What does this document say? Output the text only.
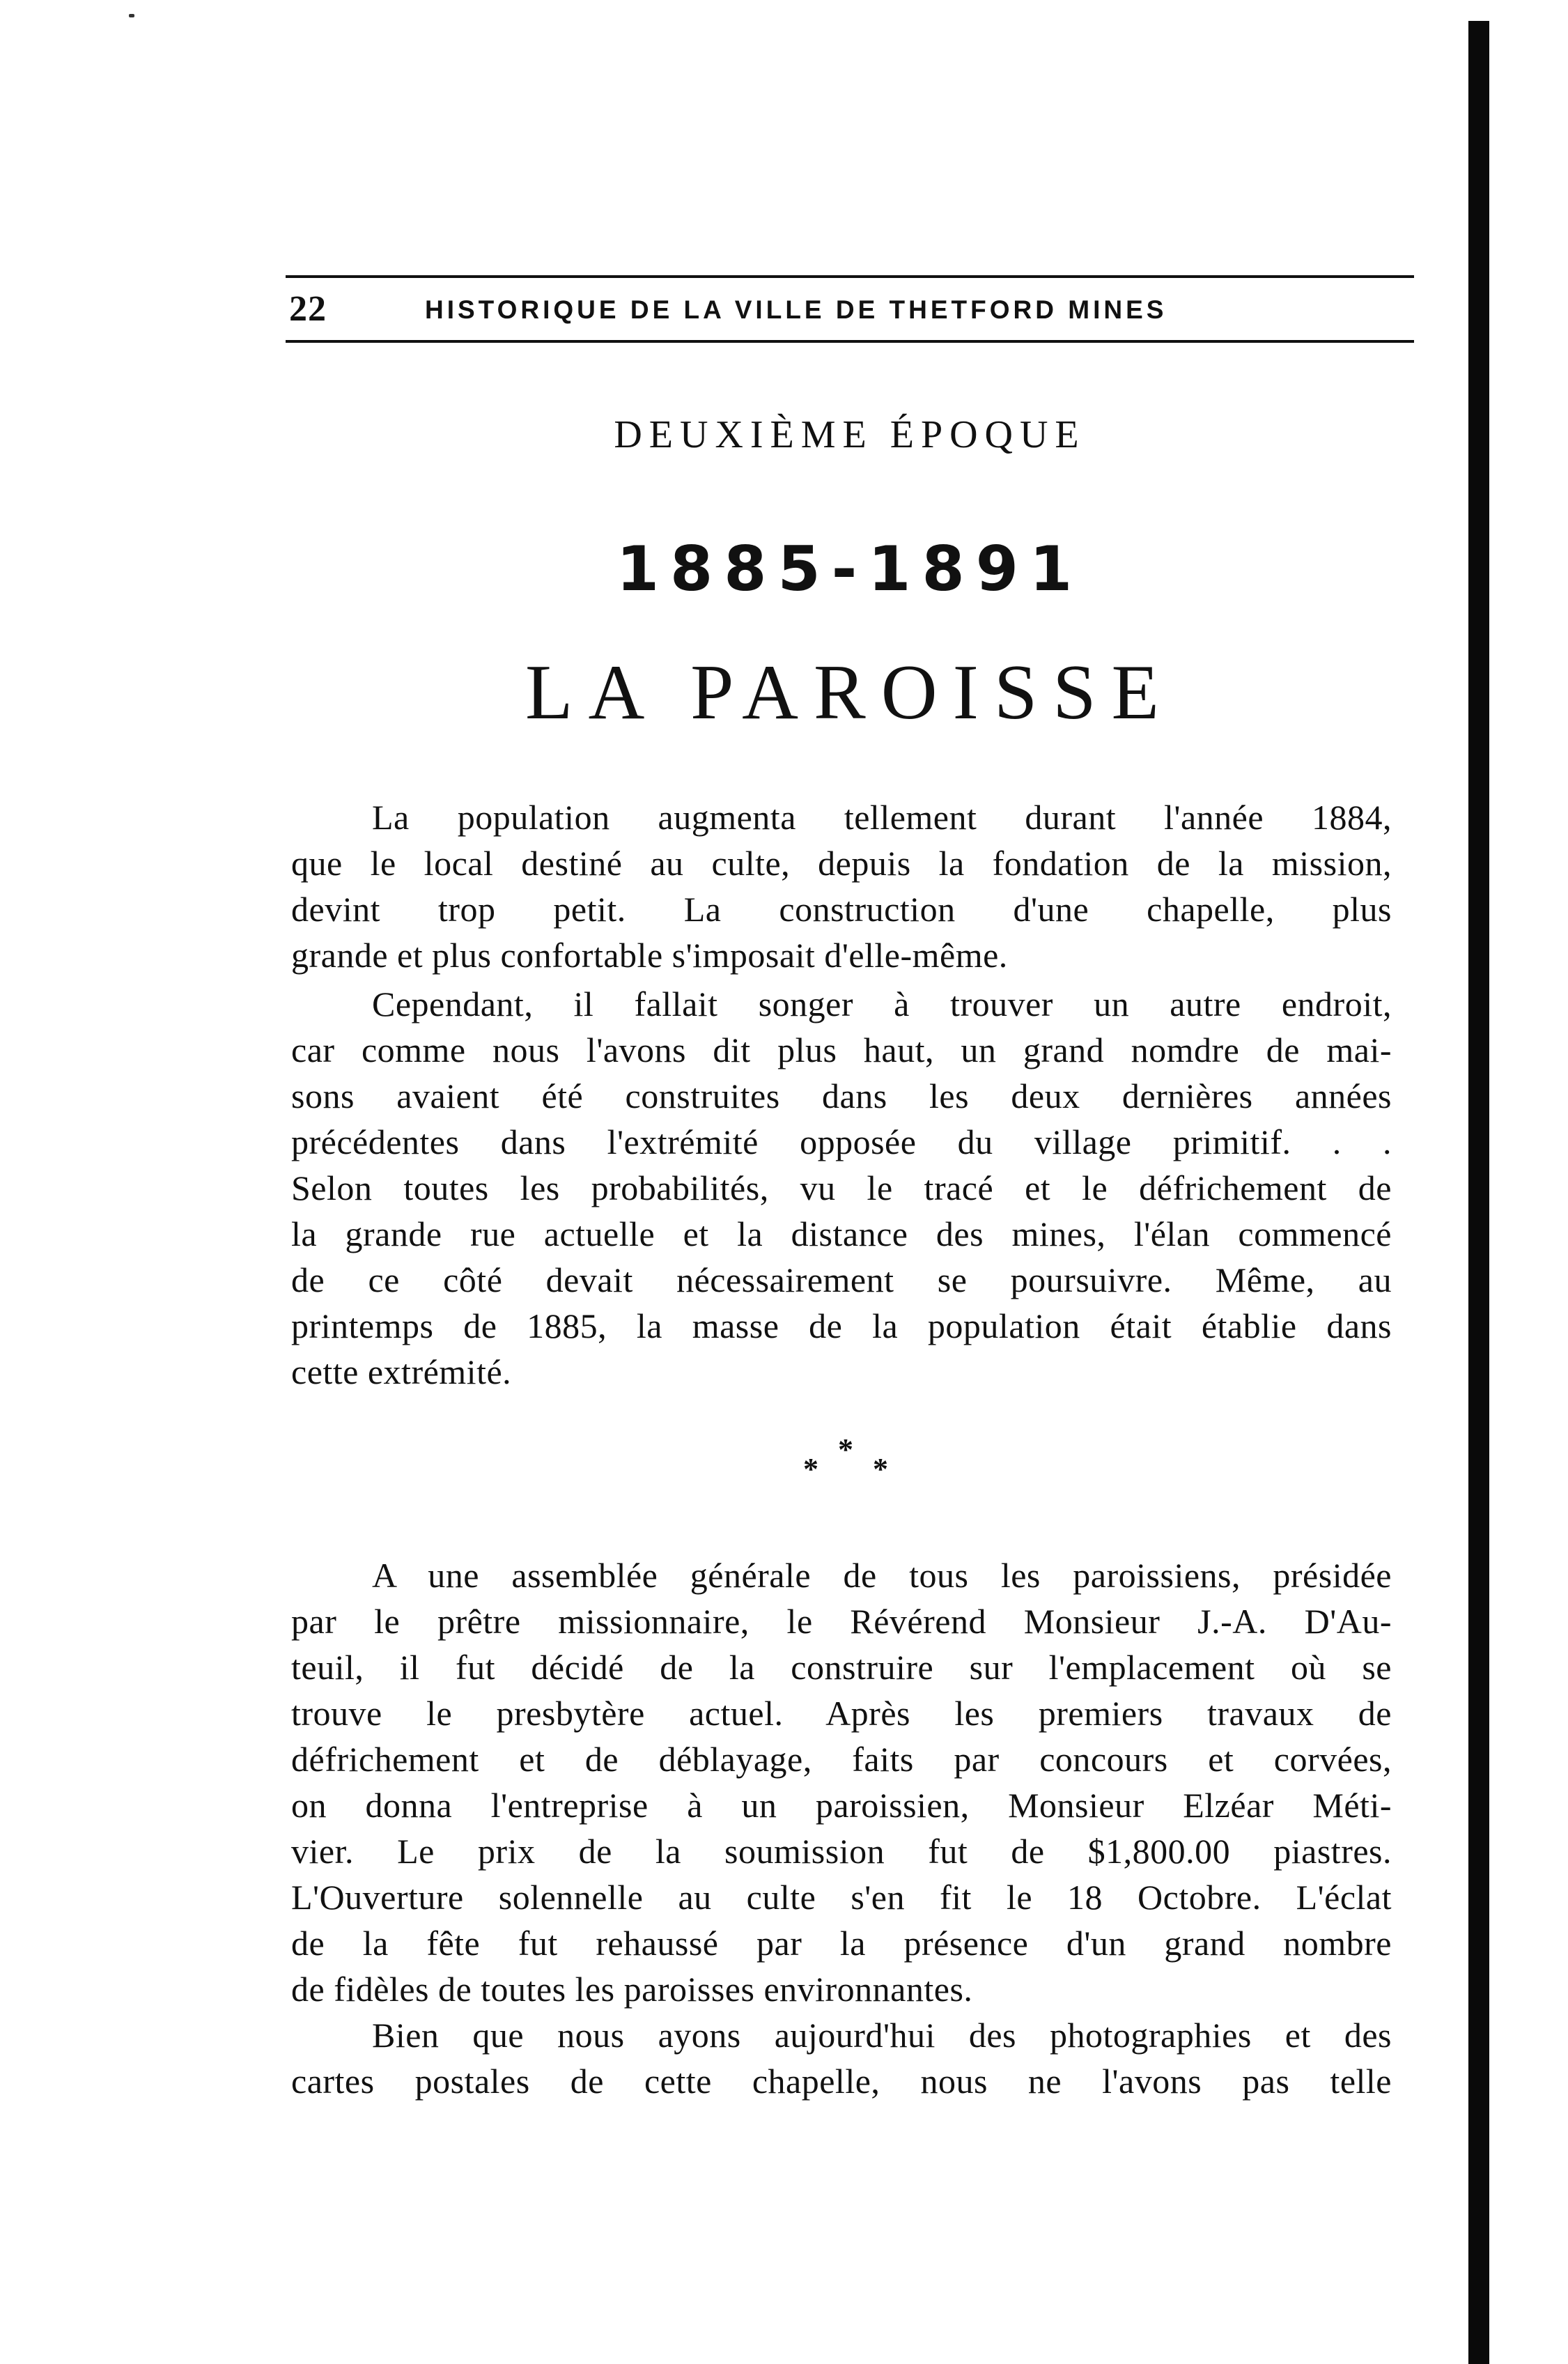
22	HISTORIQUE DE LA VILLE DE THETFORD MINES
DEUXIÈME ÉPOQUE
1885-1891
LA PAROISSE
La population augmenta tellement durant l'année 1884,
que le local destiné au culte, depuis la fondation de la mission,
devint trop petit. La construction d'une chapelle, plus
grande et plus confortable s'imposait d'elle-même.
Cependant, il fallait songer à trouver un autre endroit,
car comme nous l'avons dit plus haut, un grand nomdre de mai-
sons avaient été construites dans les deux dernières années
précédentes dans l'extrémité opposée du village primitif. . .
Selon toutes les probabilités, vu le tracé et le défrichement de
la grande rue actuelle et la distance des mines, l'élan commencé
de ce côté devait nécessairement se poursuivre. Même, au
printemps de 1885, la masse de la population était établie dans
cette extrémité.
*
*
*
A une assemblée générale de tous les paroissiens, présidée
par le prêtre missionnaire, le Révérend Monsieur J.-A. D'Au-
teuil, il fut décidé de la construire sur l'emplacement où se
trouve le presbytère actuel. Après les premiers travaux de
défrichement et de déblayage, faits par concours et corvées,
on donna l'entreprise à un paroissien, Monsieur Elzéar Méti-
vier. Le prix de la soumission fut de $1,800.00 piastres.
L'Ouverture solennelle au culte s'en fit le 18 Octobre. L'éclat
de la fête fut rehaussé par la présence d'un grand nombre
de fidèles de toutes les paroisses environnantes.
Bien que nous ayons aujourd'hui des photographies et des
cartes postales de cette chapelle, nous ne l'avons pas telle
